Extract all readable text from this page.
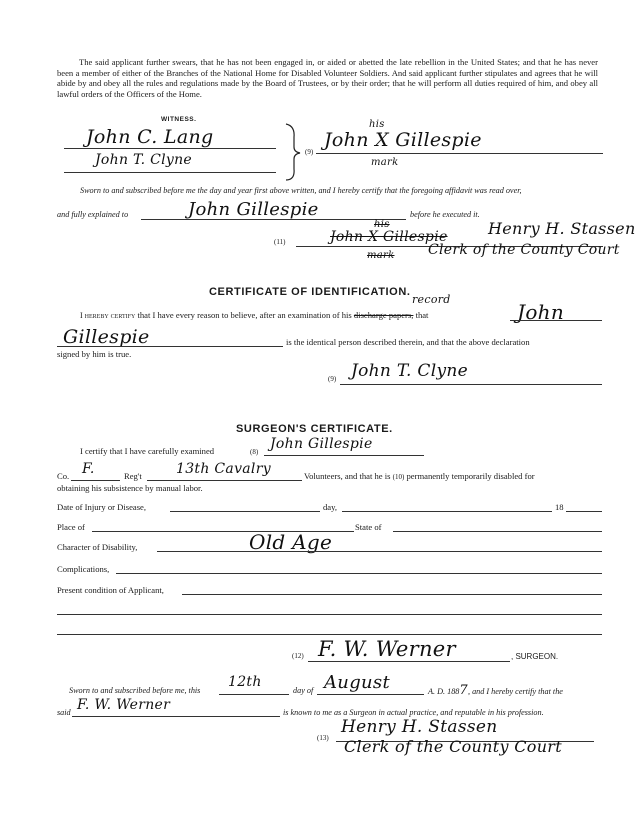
The said applicant further swears, that he has not been engaged in, or aided or abetted the late rebellion in the United States; and that he has never been a member of either of the Branches of the National Home for Disabled Volunteer Soldiers. And said applicant further stipulates and agrees that he will abide by and obey all the rules and regulations made by the Board of Trustees, or by their order; that he will perform all duties required of him, and obey all lawful orders of the Officers of the Home.
WITNESS.
John C. Lang
John T. Clyne	(9)
his
John X Gillespie
mark
Sworn to and subscribed before me the day and year first above written, and I hereby certify that the foregoing affidavit was read over,
and fully explained to	John Gillespie	before he executed it.
(11)
his
John X Gillespie
mark
Henry H. Stassen
Clerk of the County Court
CERTIFICATE OF IDENTIFICATION.
I hereby certify that I have every reason to believe, after an examination of his discharge papers, that
record
John
Gillespie	is the identical person described therein, and that the above declaration
signed by him is true.
(9) John T. Clyne
SURGEON'S CERTIFICATE.
I certify that I have carefully examined	(8) John Gillespie
Co. F.	Reg't 13th Cavalry	Volunteers, and that he is (10) permanently temporarily disabled for
obtaining his subsistence by manual labor.
Date of Injury or Disease,	day,	18
Place of	State of
Character of Disability,	Old Age
Complications,
Present condition of Applicant,
(12) F. W. Werner	, SURGEON.
Sworn to and subscribed before me, this
12th
day of August	A. D. 1887, and I hereby certify that the
said F. W. Werner	is known to me as a Surgeon in actual practice, and reputable in his profession.
(13)
Henry H. Stassen
Clerk of the County Court
